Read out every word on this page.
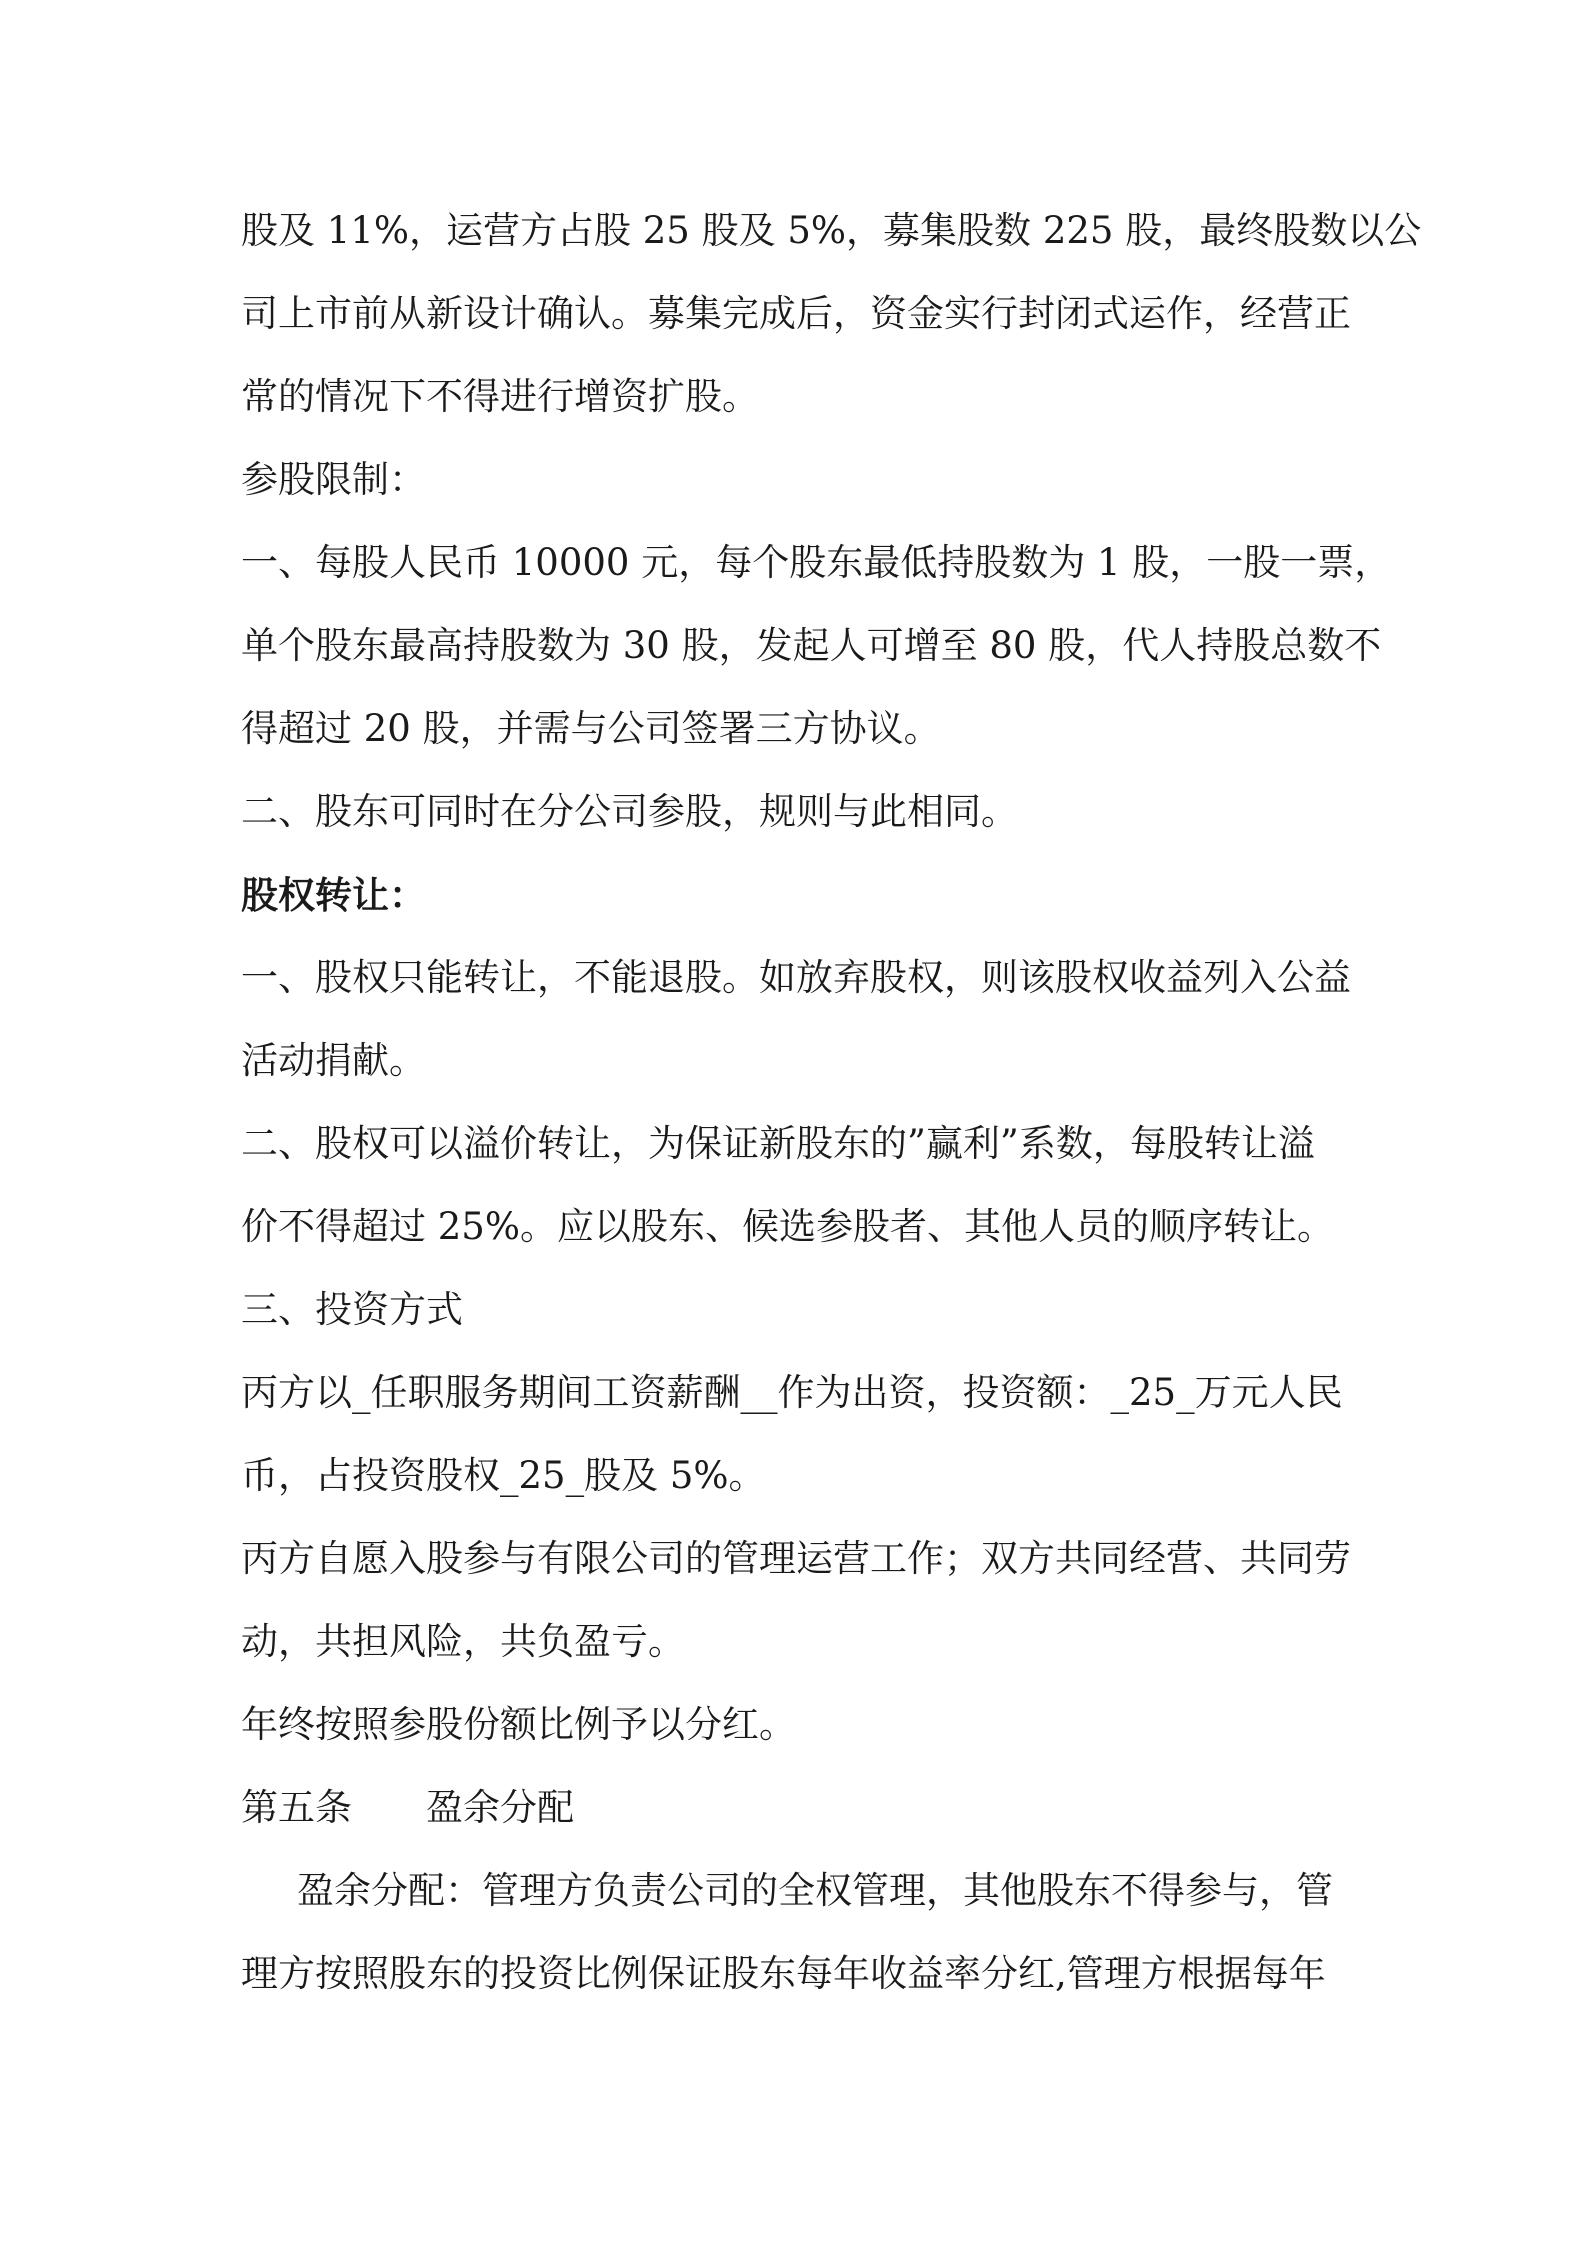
股及 11%，运营方占股 25 股及 5%，募集股数 225 股，最终股数以公
司上市前从新设计确认。募集完成后，资金实行封闭式运作，经营正
常的情况下不得进行增资扩股。
参股限制：
一、每股人民币 10000 元，每个股东最低持股数为 1 股，一股一票，
单个股东最高持股数为 30 股，发起人可增至 80 股，代人持股总数不
得超过 20 股，并需与公司签署三方协议。
二、股东可同时在分公司参股，规则与此相同。
股权转让：
一、股权只能转让，不能退股。如放弃股权，则该股权收益列入公益
活动捐献。
二、股权可以溢价转让，为保证新股东的”赢利”系数，每股转让溢
价不得超过 25%。应以股东、候选参股者、其他人员的顺序转让。
三、投资方式
丙方以_任职服务期间工资薪酬__作为出资，投资额：_25_万元人民
币，占投资股权_25_股及 5%。
丙方自愿入股参与有限公司的管理运营工作；双方共同经营、共同劳
动，共担风险，共负盈亏。
年终按照参股份额比例予以分红。
第五条　　盈余分配
盈余分配：管理方负责公司的全权管理，其他股东不得参与，管
理方按照股东的投资比例保证股东每年收益率分红,管理方根据每年
